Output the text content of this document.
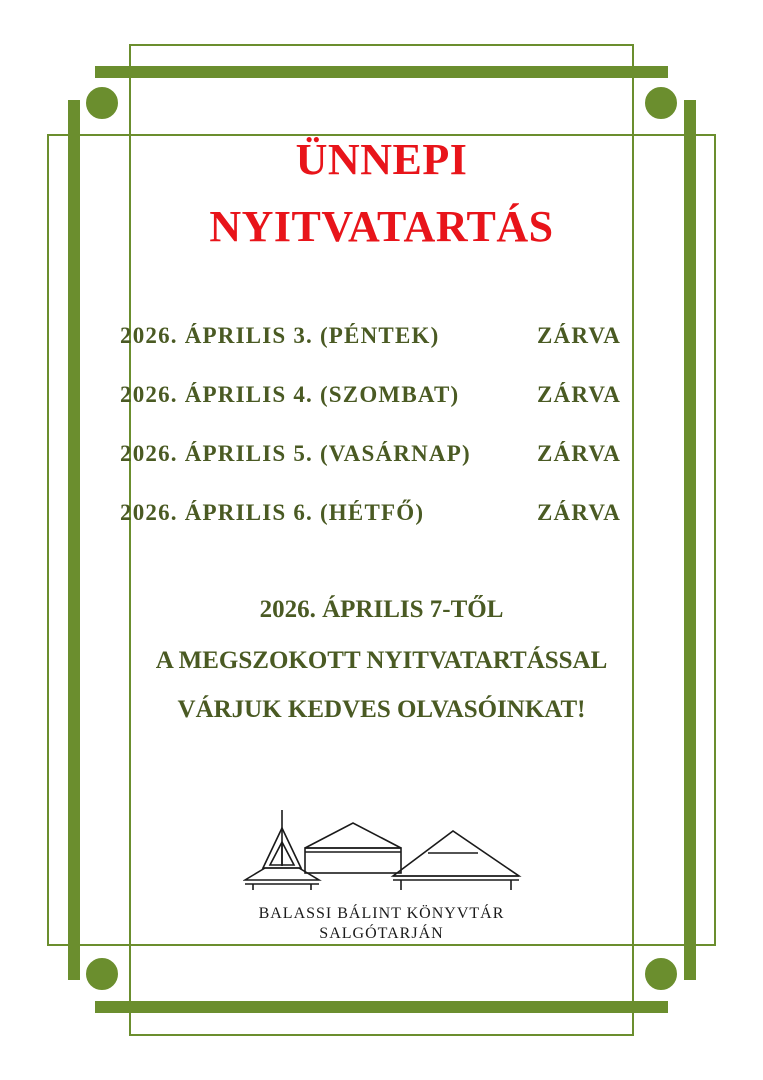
ÜNNEPI
NYITVATARTÁS
2026. ÁPRILIS 3. (PÉNTEK)	ZÁRVA
2026. ÁPRILIS 4. (SZOMBAT)	ZÁRVA
2026. ÁPRILIS 5. (VASÁRNAP)	ZÁRVA
2026. ÁPRILIS 6. (HÉTFŐ)	ZÁRVA
2026. ÁPRILIS 7-TŐL
A MEGSZOKOTT NYITVATARTÁSSAL
VÁRJUK KEDVES OLVASÓINKAT!
BALASSI BÁLINT KÖNYVTÁR
SALGÓTARJÁN
